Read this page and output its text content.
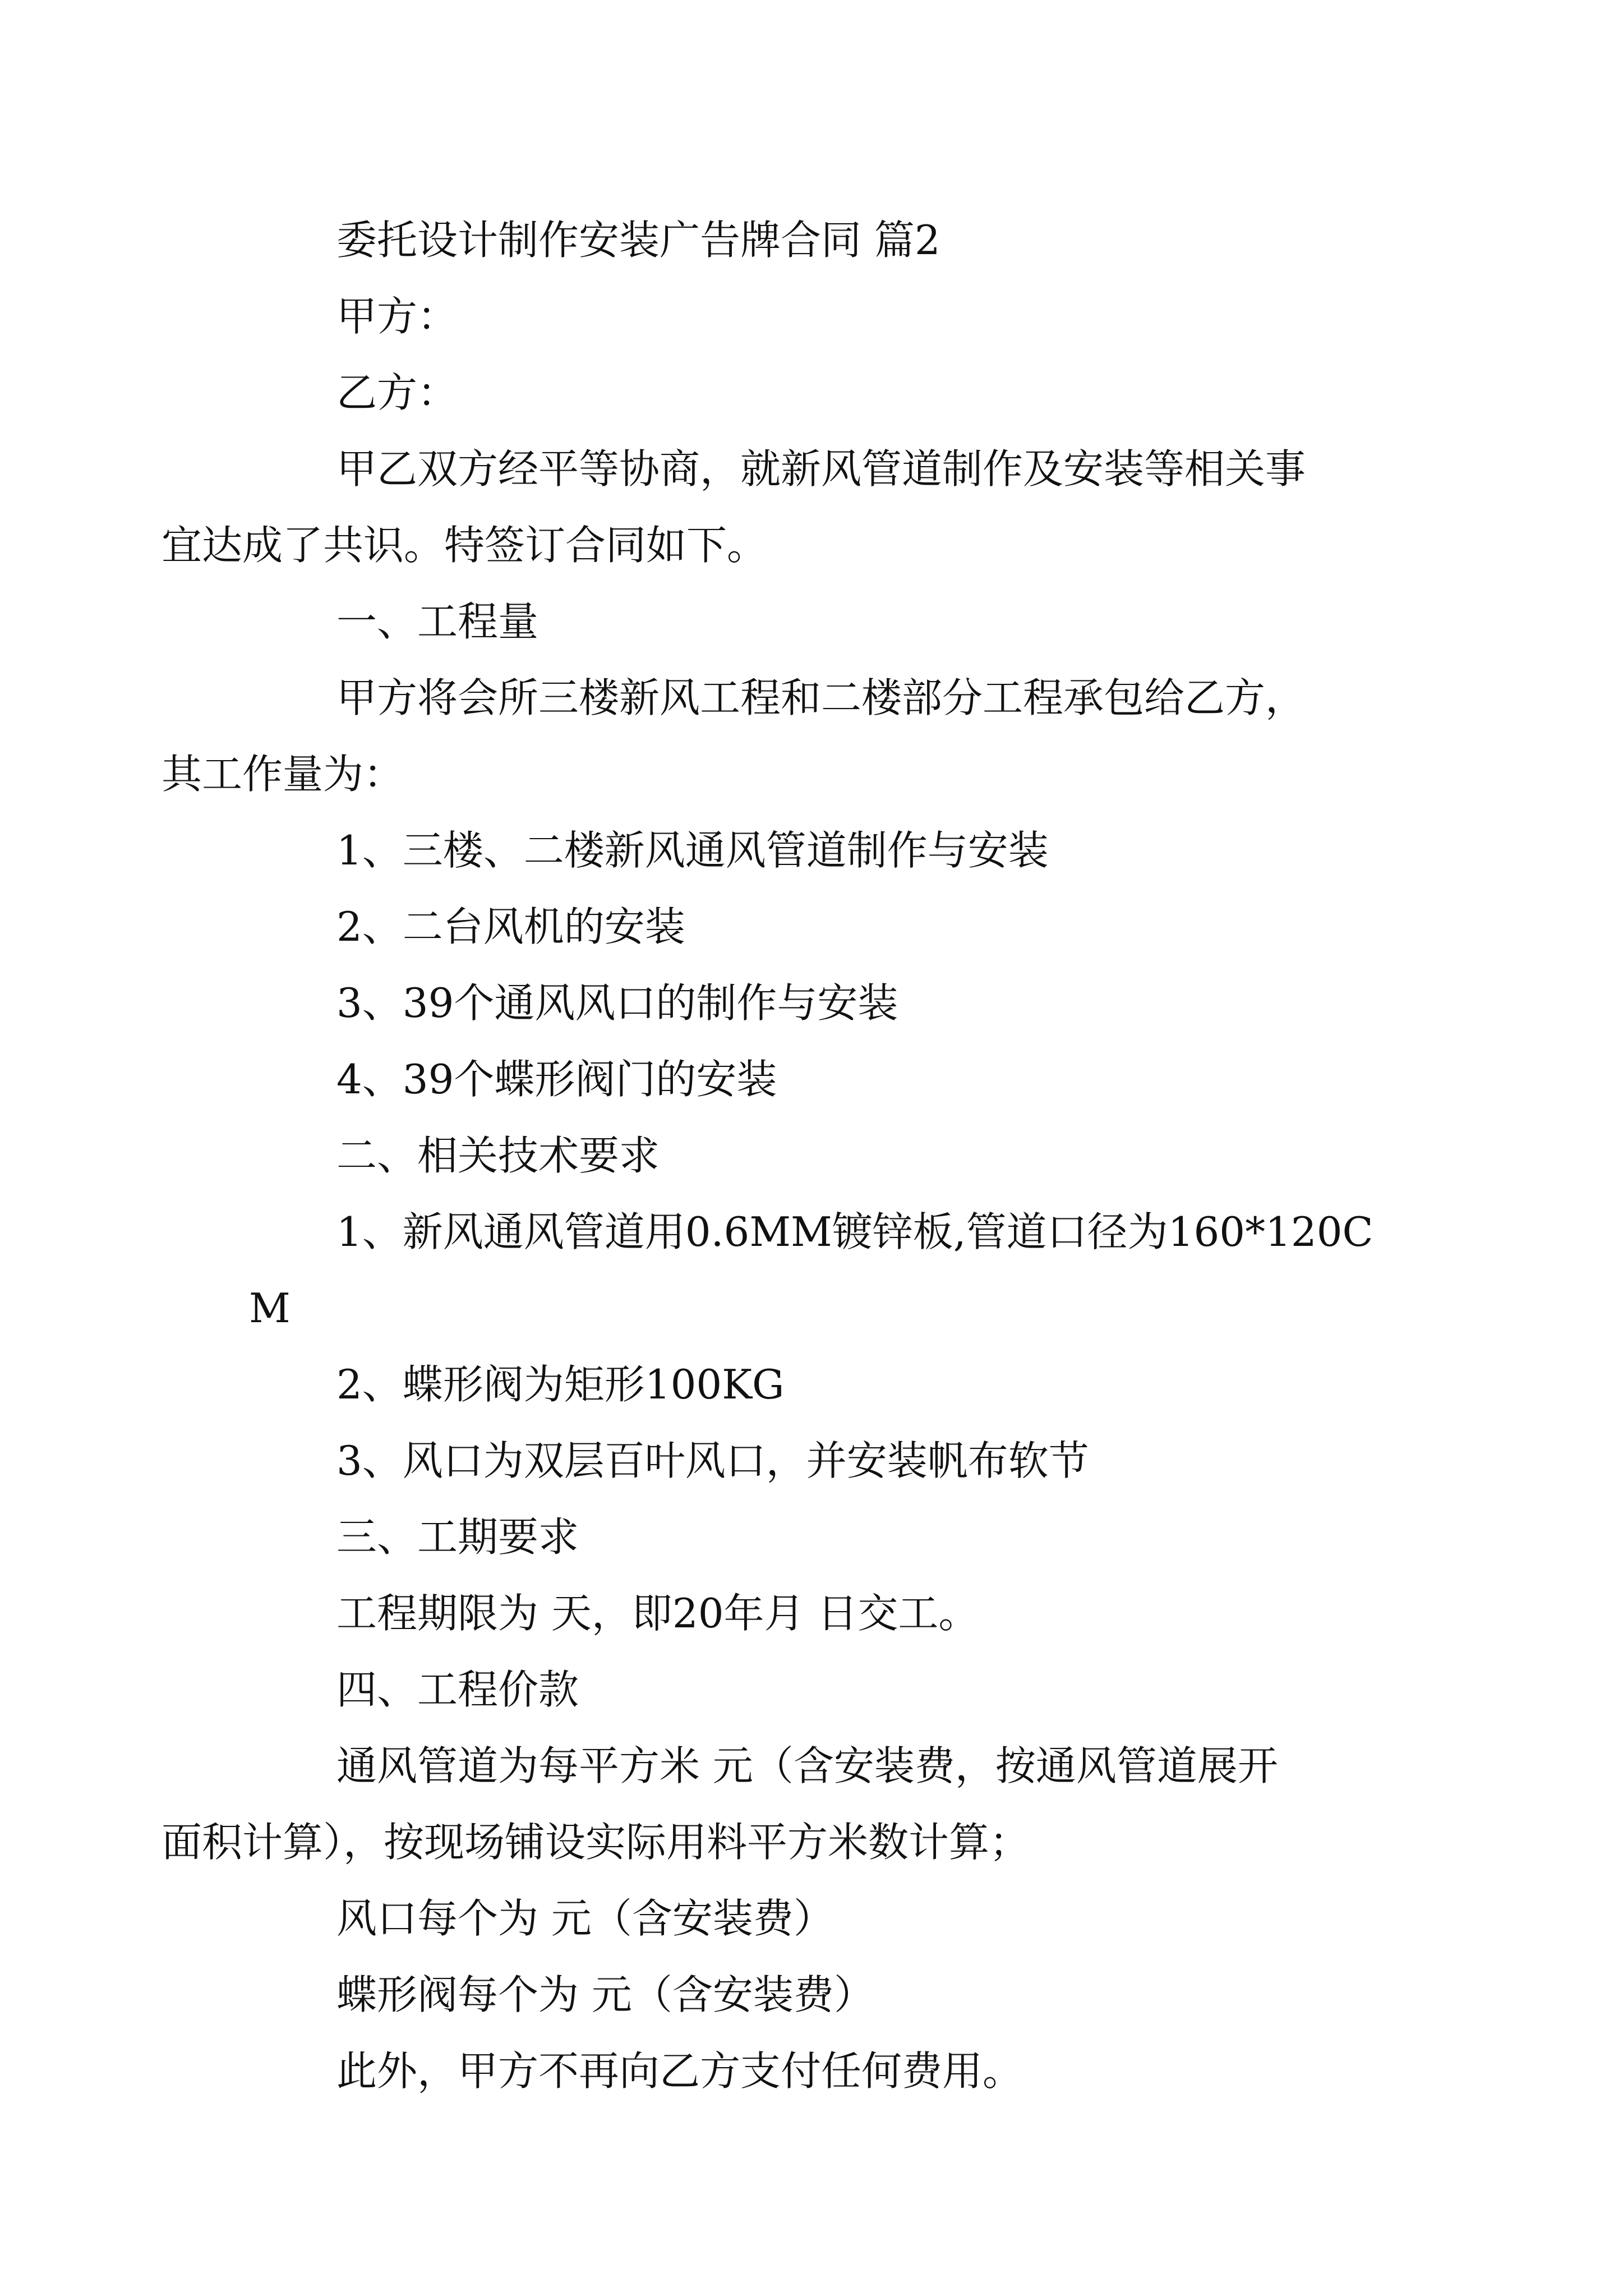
委托设计制作安装广告牌合同 篇2

甲方：

乙方：

甲乙双方经平等协商，就新风管道制作及安装等相关事
宜达成了共识。特签订合同如下。

一、工程量

甲方将会所三楼新风工程和二楼部分工程承包给乙方，
其工作量为：

1、三楼、二楼新风通风管道制作与安装

2、二台风机的安装

3、39个通风风口的制作与安装

4、39个蝶形阀门的安装

二、相关技术要求

1、新风通风管道用0.6MM镀锌板,管道口径为160*120CM

2、蝶形阀为矩形100KG

3、风口为双层百叶风口，并安装帆布软节

三、工期要求

工程期限为 天，即20年月 日交工。

四、工程价款

通风管道为每平方米 元（含安装费，按通风管道展开
面积计算），按现场铺设实际用料平方米数计算；

风口每个为 元（含安装费）

蝶形阀每个为 元（含安装费）

此外，甲方不再向乙方支付任何费用。
